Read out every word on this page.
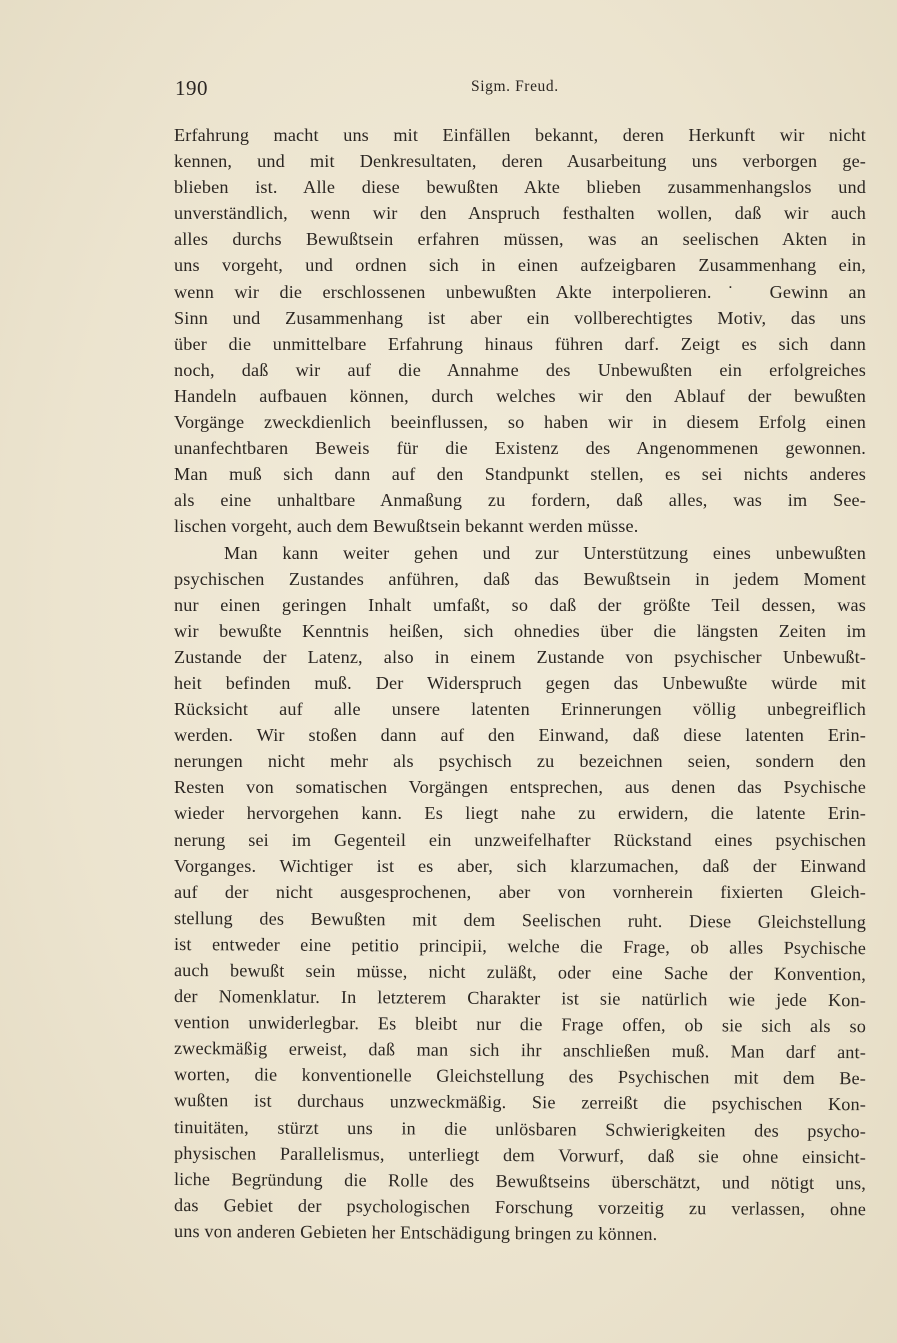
190	Sigm. Freud.
Erfahrung macht uns mit Einfällen bekannt, deren Herkunft wir nicht
kennen, und mit Denkresultaten, deren Ausarbeitung uns verborgen ge-
blieben ist. Alle diese bewußten Akte blieben zusammenhangslos und
unverständlich, wenn wir den Anspruch festhalten wollen, daß wir auch
alles durchs Bewußtsein erfahren müssen, was an seelischen Akten in
uns vorgeht, und ordnen sich in einen aufzeigbaren Zusammenhang ein,
wenn wir die erschlossenen unbewußten Akte interpolieren.˙ Gewinn an
Sinn und Zusammenhang ist aber ein vollberechtigtes Motiv, das uns
über die unmittelbare Erfahrung hinaus führen darf. Zeigt es sich dann
noch, daß wir auf die Annahme des Unbewußten ein erfolgreiches
Handeln aufbauen können, durch welches wir den Ablauf der bewußten
Vorgänge zweckdienlich beeinflussen, so haben wir in diesem Erfolg einen
unanfechtbaren Beweis für die Existenz des Angenommenen gewonnen.
Man muß sich dann auf den Standpunkt stellen, es sei nichts anderes
als eine unhaltbare Anmaßung zu fordern, daß alles, was im See-
lischen vorgeht, auch dem Bewußtsein bekannt werden müsse.
Man kann weiter gehen und zur Unterstützung eines unbewußten
psychischen Zustandes anführen, daß das Bewußtsein in jedem Moment
nur einen geringen Inhalt umfaßt, so daß der größte Teil dessen, was
wir bewußte Kenntnis heißen, sich ohnedies über die längsten Zeiten im
Zustande der Latenz, also in einem Zustande von psychischer Unbewußt-
heit befinden muß. Der Widerspruch gegen das Unbewußte würde mit
Rücksicht auf alle unsere latenten Erinnerungen völlig unbegreiflich
werden. Wir stoßen dann auf den Einwand, daß diese latenten Erin-
nerungen nicht mehr als psychisch zu bezeichnen seien, sondern den
Resten von somatischen Vorgängen entsprechen, aus denen das Psychische
wieder hervorgehen kann. Es liegt nahe zu erwidern, die latente Erin-
nerung sei im Gegenteil ein unzweifelhafter Rückstand eines psychischen
Vorganges. Wichtiger ist es aber, sich klarzumachen, daß der Einwand
auf der nicht ausgesprochenen, aber von vornherein fixierten Gleich-
stellung des Bewußten mit dem Seelischen ruht. Diese Gleichstellung
ist entweder eine petitio principii, welche die Frage, ob alles Psychische
auch bewußt sein müsse, nicht zuläßt, oder eine Sache der Konvention,
der Nomenklatur. In letzterem Charakter ist sie natürlich wie jede Kon-
vention unwiderlegbar. Es bleibt nur die Frage offen, ob sie sich als so
zweckmäßig erweist, daß man sich ihr anschließen muß. Man darf ant-
worten, die konventionelle Gleichstellung des Psychischen mit dem Be-
wußten ist durchaus unzweckmäßig. Sie zerreißt die psychischen Kon-
tinuitäten, stürzt uns in die unlösbaren Schwierigkeiten des psycho-
physischen Parallelismus, unterliegt dem Vorwurf, daß sie ohne einsicht-
liche Begründung die Rolle des Bewußtseins überschätzt, und nötigt uns,
das Gebiet der psychologischen Forschung vorzeitig zu verlassen, ohne
uns von anderen Gebieten her Entschädigung bringen zu können.
